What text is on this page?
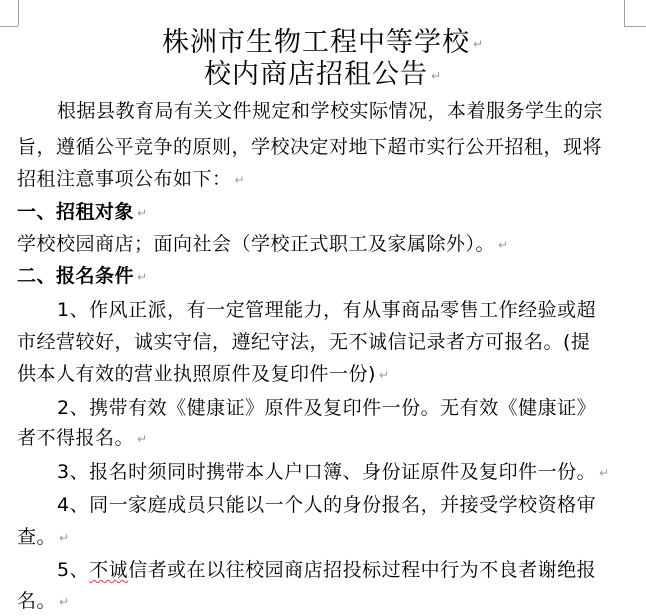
株洲市生物工程中等学校 ↵
校内商店招租公告 ↵
根据县教育局有关文件规定和学校实际情况，本着服务学生的宗
旨，遵循公平竞争的原则，学校决定对地下超市实行公开招租，现将
招租注意事项公布如下： ↵
一、招租对象 ↵
学校校园商店；面向社会（学校正式职工及家属除外）。 ↵
二、报名条件 ↵
1、作风正派，有一定管理能力，有从事商品零售工作经验或超
市经营较好，诚实守信，遵纪守法，无不诚信记录者方可报名。(提
供本人有效的营业执照原件及复印件一份) ↵
2、携带有效《健康证》原件及复印件一份。无有效《健康证》
者不得报名。 ↵
3、报名时须同时携带本人户口簿、身份证原件及复印件一份。 ↵
4、同一家庭成员只能以一个人的身份报名，并接受学校资格审
查。 ↵
5、不诚信者或在以往校园商店招投标过程中行为不良者谢绝报
名。 ↵
